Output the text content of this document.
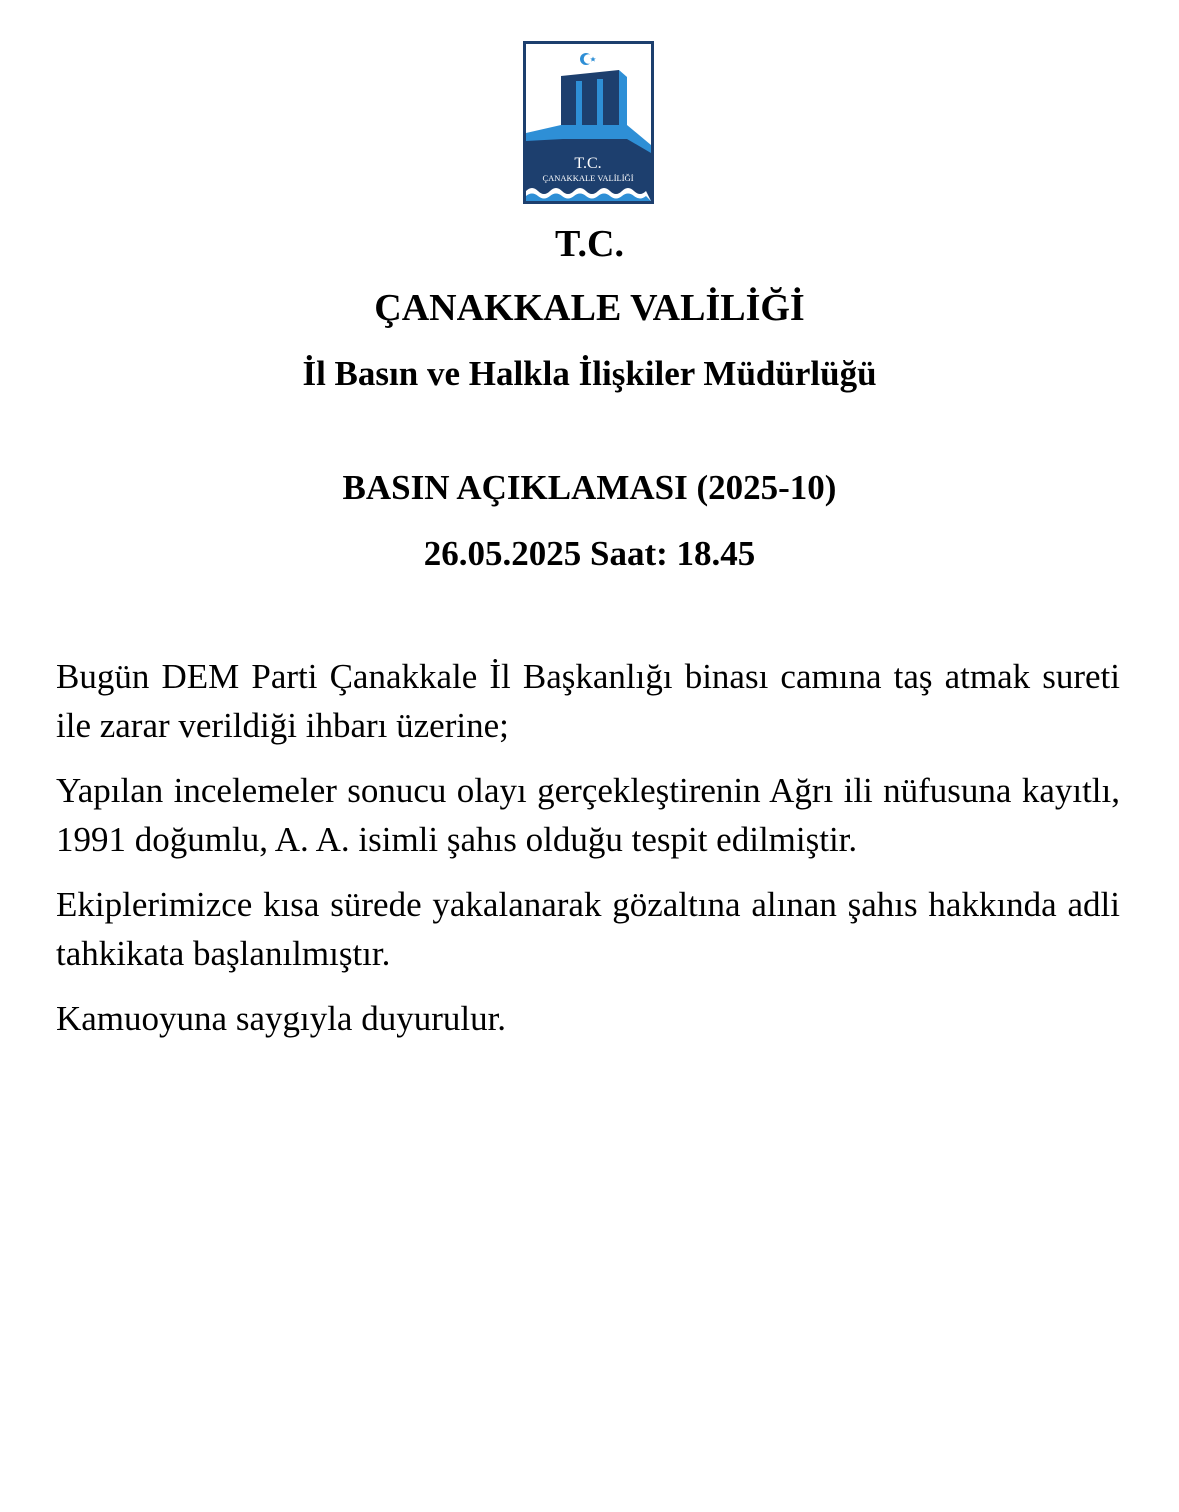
T.C.
ÇANAKKALE VALİLİĞİ
T.C.
ÇANAKKALE VALİLİĞİ
İl Basın ve Halkla İlişkiler Müdürlüğü
BASIN AÇIKLAMASI (2025-10)
26.05.2025 Saat: 18.45

Bugün DEM Parti Çanakkale İl Başkanlığı binası camına taş atmak sureti ile zarar verildiği ihbarı üzerine;

Yapılan incelemeler sonucu olayı gerçekleştirenin Ağrı ili nüfusuna kayıtlı, 1991 doğumlu, A. A. isimli şahıs olduğu tespit edilmiştir.

Ekiplerimizce kısa sürede yakalanarak gözaltına alınan şahıs hakkında adli tahkikata başlanılmıştır.

Kamuoyuna saygıyla duyurulur.
